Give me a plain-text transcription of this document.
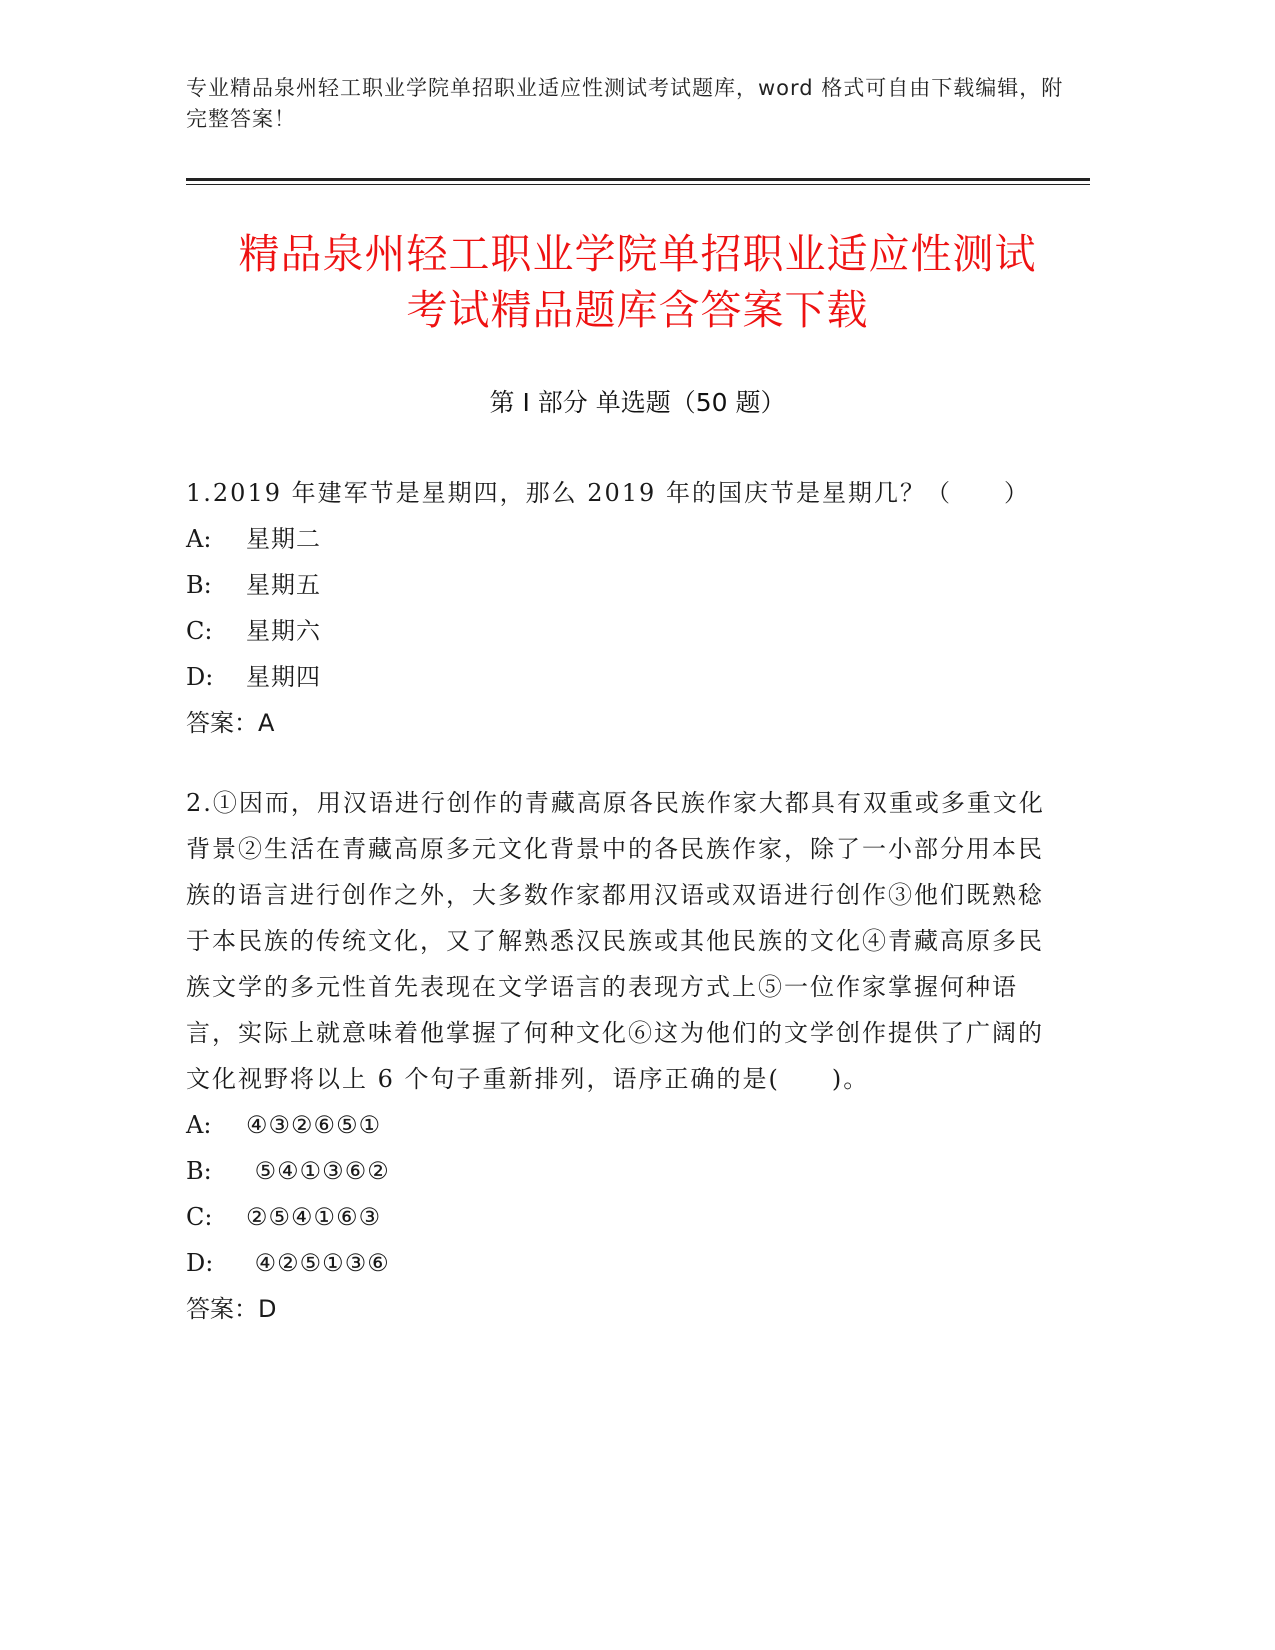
专业精品泉州轻工职业学院单招职业适应性测试考试题库，word 格式可自由下载编辑，附完整答案！
精品泉州轻工职业学院单招职业适应性测试
考试精品题库含答案下载
第 I 部分 单选题（50 题）

1.2019 年建军节是星期四，那么 2019 年的国庆节是星期几？（　　）

A: 星期二

B: 星期五

C: 星期六

D: 星期四

答案：A

2.①因而，用汉语进行创作的青藏高原各民族作家大都具有双重或多重文化背景②生活在青藏高原多元文化背景中的各民族作家，除了一小部分用本民族的语言进行创作之外，大多数作家都用汉语或双语进行创作③他们既熟稔于本民族的传统文化，又了解熟悉汉民族或其他民族的文化④青藏高原多民族文学的多元性首先表现在文学语言的表现方式上⑤一位作家掌握何种语言，实际上就意味着他掌握了何种文化⑥这为他们的文学创作提供了广阔的文化视野将以上 6 个句子重新排列，语序正确的是(　　)。

A: ④③②⑥⑤①

B: ⑤④①③⑥②

C: ②⑤④①⑥③

D: ④②⑤①③⑥

答案：D
